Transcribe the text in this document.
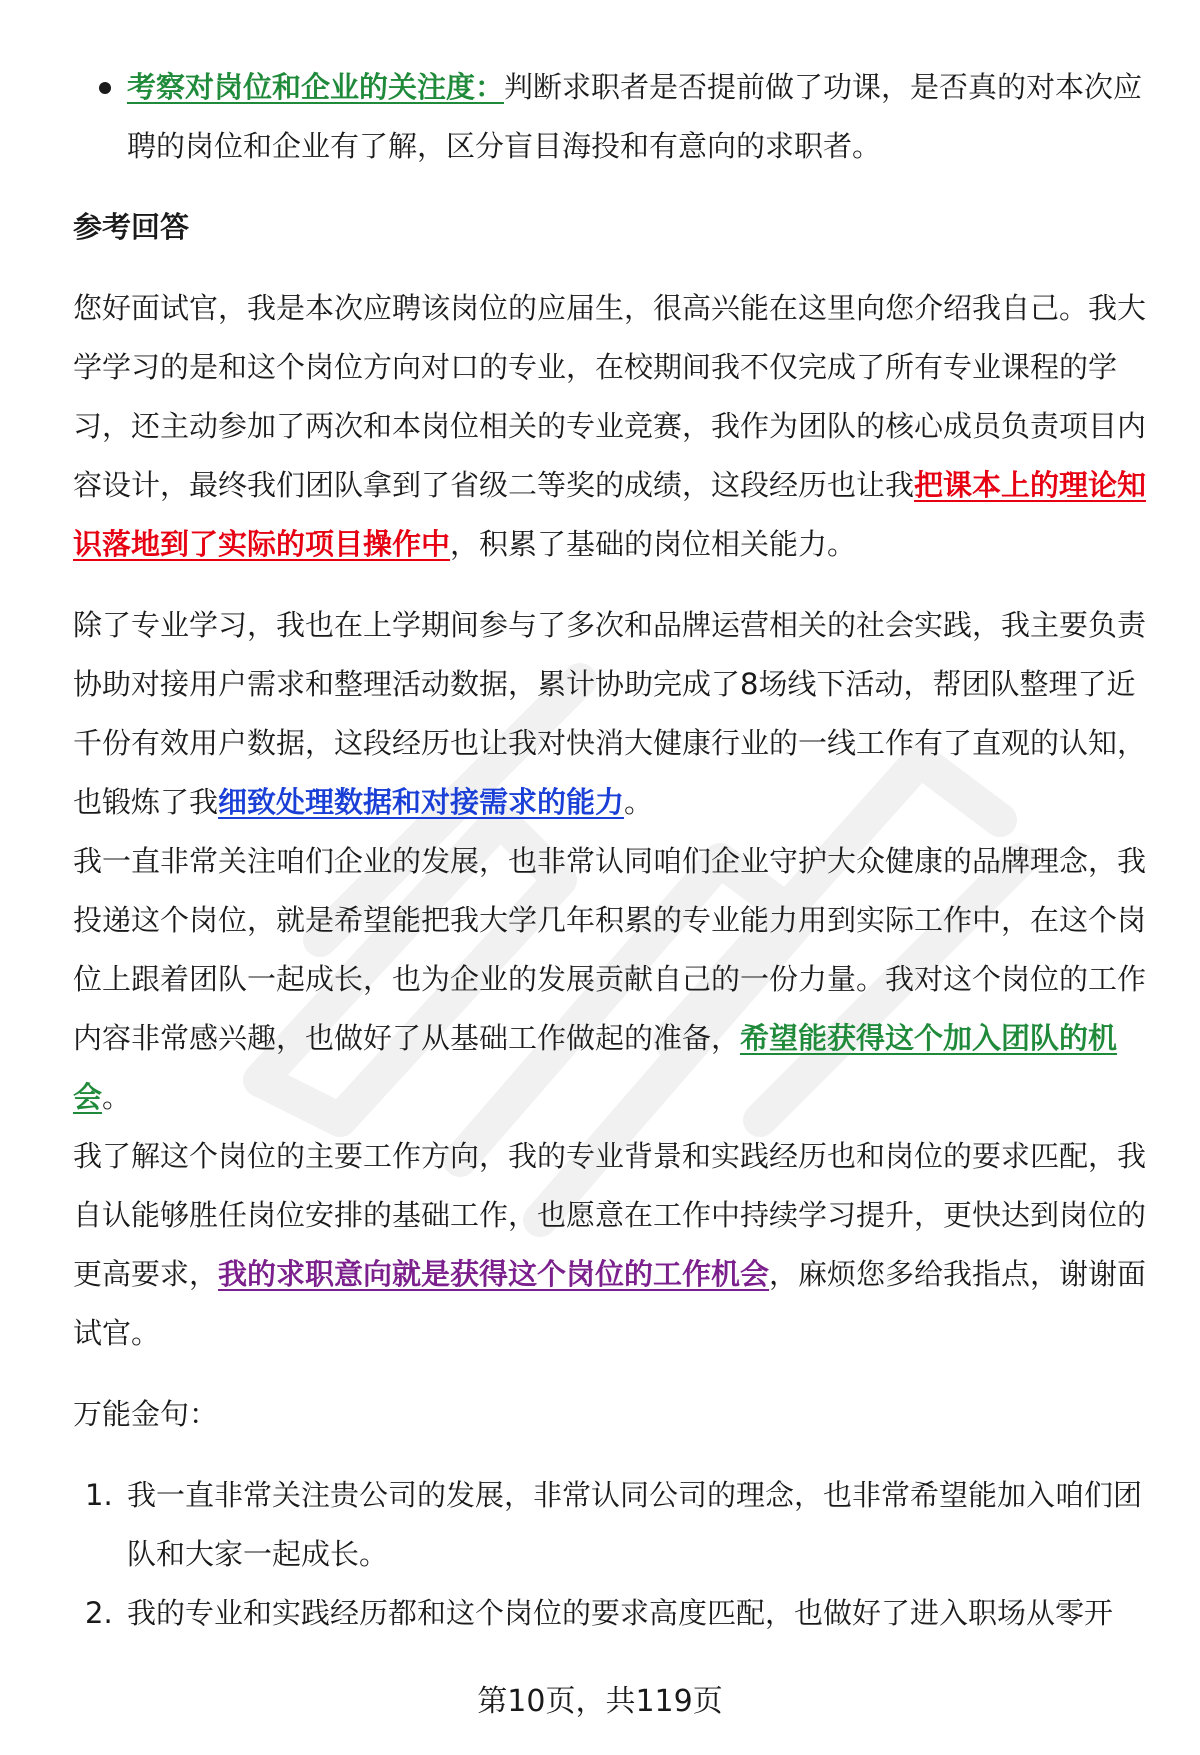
考察对岗位和企业的关注度：判断求职者是否提前做了功课，是否真的对本次应聘的岗位和企业有了解，区分盲目海投和有意向的求职者。
参考回答

您好面试官，我是本次应聘该岗位的应届生，很高兴能在这里向您介绍我自己。我大学学习的是和这个岗位方向对口的专业，在校期间我不仅完成了所有专业课程的学习，还主动参加了两次和本岗位相关的专业竞赛，我作为团队的核心成员负责项目内容设计，最终我们团队拿到了省级二等奖的成绩，这段经历也让我把课本上的理论知识落地到了实际的项目操作中，积累了基础的岗位相关能力。

除了专业学习，我也在上学期间参与了多次和品牌运营相关的社会实践，我主要负责协助对接用户需求和整理活动数据，累计协助完成了8场线下活动，帮团队整理了近千份有效用户数据，这段经历也让我对快消大健康行业的一线工作有了直观的认知，也锻炼了我细致处理数据和对接需求的能力。

我一直非常关注咱们企业的发展，也非常认同咱们企业守护大众健康的品牌理念，我投递这个岗位，就是希望能把我大学几年积累的专业能力用到实际工作中，在这个岗位上跟着团队一起成长，也为企业的发展贡献自己的一份力量。我对这个岗位的工作内容非常感兴趣，也做好了从基础工作做起的准备，希望能获得这个加入团队的机会。

我了解这个岗位的主要工作方向，我的专业背景和实践经历也和岗位的要求匹配，我自认能够胜任岗位安排的基础工作，也愿意在工作中持续学习提升，更快达到岗位的更高要求，我的求职意向就是获得这个岗位的工作机会，麻烦您多给我指点，谢谢面试官。

万能金句：
1. 我一直非常关注贵公司的发展，非常认同公司的理念，也非常希望能加入咱们团队和大家一起成长。
2. 我的专业和实践经历都和这个岗位的要求高度匹配，也做好了进入职场从零开
第10页，共119页
